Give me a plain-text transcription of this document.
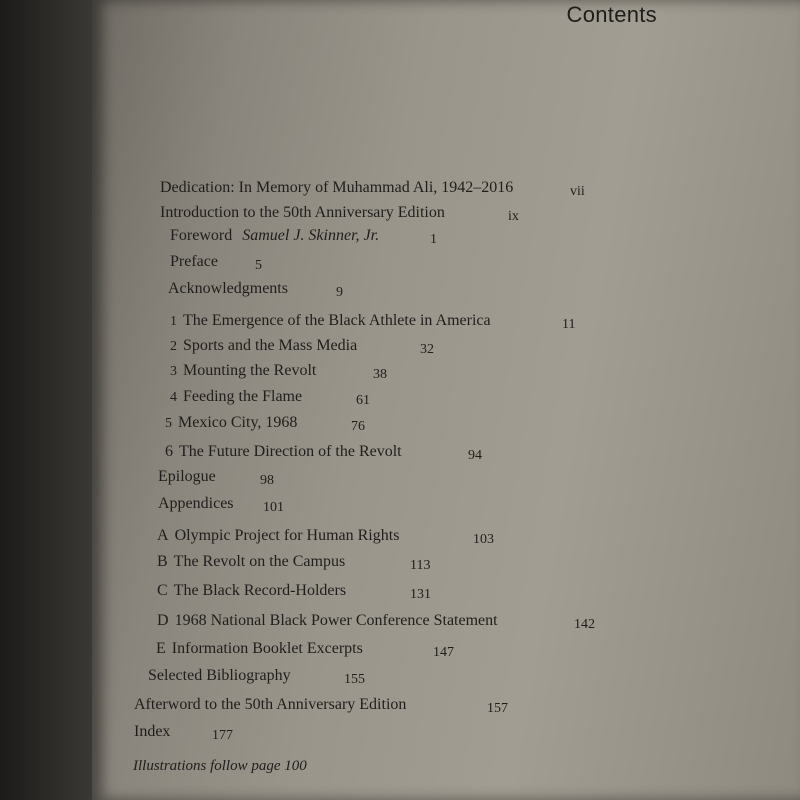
Contents
Dedication: In Memory of Muhammad Ali, 1942–2016	vii
Introduction to the 50th Anniversary Edition	ix
Foreword Samuel J. Skinner, Jr.	1
Preface	5
Acknowledgments	9
1 The Emergence of the Black Athlete in America	11
2 Sports and the Mass Media	32
3 Mounting the Revolt	38
4 Feeding the Flame	61
5 Mexico City, 1968	76
6 The Future Direction of the Revolt	94
Epilogue	98
Appendices 101
A Olympic Project for Human Rights	103
B The Revolt on the Campus	113
C The Black Record-Holders	131
D 1968 National Black Power Conference Statement	142
E Information Booklet Excerpts	147
Selected Bibliography	155
Afterword to the 50th Anniversary Edition	157
Index	177
Illustrations follow page 100
